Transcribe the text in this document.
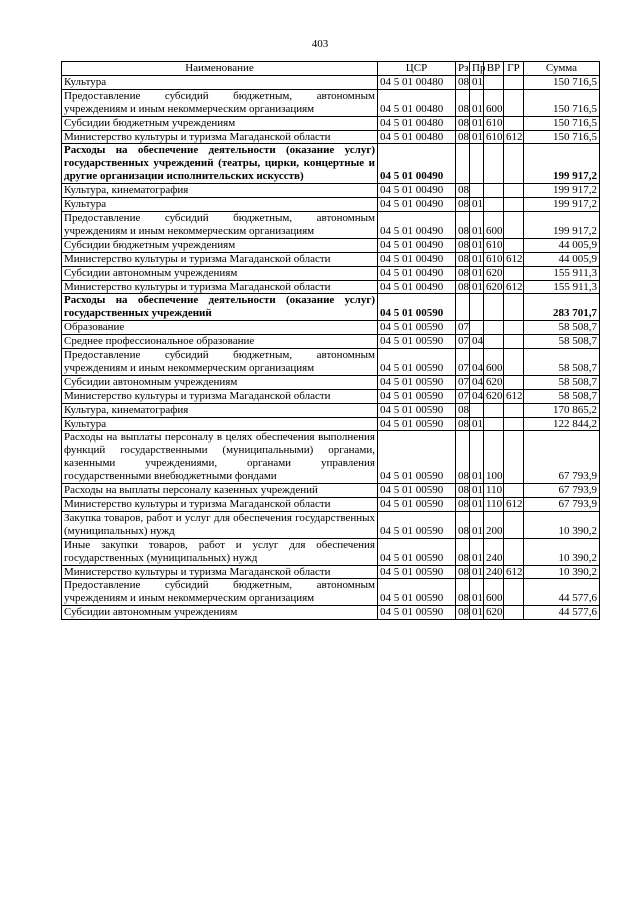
403
Наименование	ЦСР	Рз	Пр	ВР	ГР	Сумма
Культура	04 5 01 00480	08	01			150 716,5
Предоставление субсидий бюджетным, автономным учреждениям и иным некоммерческим организациям	04 5 01 00480	08	01	600		150 716,5
Субсидии бюджетным учреждениям	04 5 01 00480	08	01	610		150 716,5
Министерство культуры и туризма Магаданской области	04 5 01 00480	08	01	610	612	150 716,5
Расходы на обеспечение деятельности (оказание услуг) государственных учреждений (театры, цирки, концертные и другие организации исполнительских искусств)	04 5 01 00490					199 917,2
Культура, кинематография	04 5 01 00490	08				199 917,2
Культура	04 5 01 00490	08	01			199 917,2
Предоставление субсидий бюджетным, автономным учреждениям и иным некоммерческим организациям	04 5 01 00490	08	01	600		199 917,2
Субсидии бюджетным учреждениям	04 5 01 00490	08	01	610		44 005,9
Министерство культуры и туризма Магаданской области	04 5 01 00490	08	01	610	612	44 005,9
Субсидии автономным учреждениям	04 5 01 00490	08	01	620		155 911,3
Министерство культуры и туризма Магаданской области	04 5 01 00490	08	01	620	612	155 911,3
Расходы на обеспечение деятельности (оказание услуг) государственных учреждений	04 5 01 00590					283 701,7
Образование	04 5 01 00590	07				58 508,7
Среднее профессиональное образование	04 5 01 00590	07	04			58 508,7
Предоставление субсидий бюджетным, автономным учреждениям и иным некоммерческим организациям	04 5 01 00590	07	04	600		58 508,7
Субсидии автономным учреждениям	04 5 01 00590	07	04	620		58 508,7
Министерство культуры и туризма Магаданской области	04 5 01 00590	07	04	620	612	58 508,7
Культура, кинематография	04 5 01 00590	08				170 865,2
Культура	04 5 01 00590	08	01			122 844,2
Расходы на выплаты персоналу в целях обеспечения выполнения функций государственными (муниципальными) органами, казенными учреждениями, органами управления государственными внебюджетными фондами	04 5 01 00590	08	01	100		67 793,9
Расходы на выплаты персоналу казенных учреждений	04 5 01 00590	08	01	110		67 793,9
Министерство культуры и туризма Магаданской области	04 5 01 00590	08	01	110	612	67 793,9
Закупка товаров, работ и услуг для обеспечения государственных (муниципальных) нужд	04 5 01 00590	08	01	200		10 390,2
Иные закупки товаров, работ и услуг для обеспечения государственных (муниципальных) нужд	04 5 01 00590	08	01	240		10 390,2
Министерство культуры и туризма Магаданской области	04 5 01 00590	08	01	240	612	10 390,2
Предоставление субсидий бюджетным, автономным учреждениям и иным некоммерческим организациям	04 5 01 00590	08	01	600		44 577,6
Субсидии автономным учреждениям	04 5 01 00590	08	01	620		44 577,6
